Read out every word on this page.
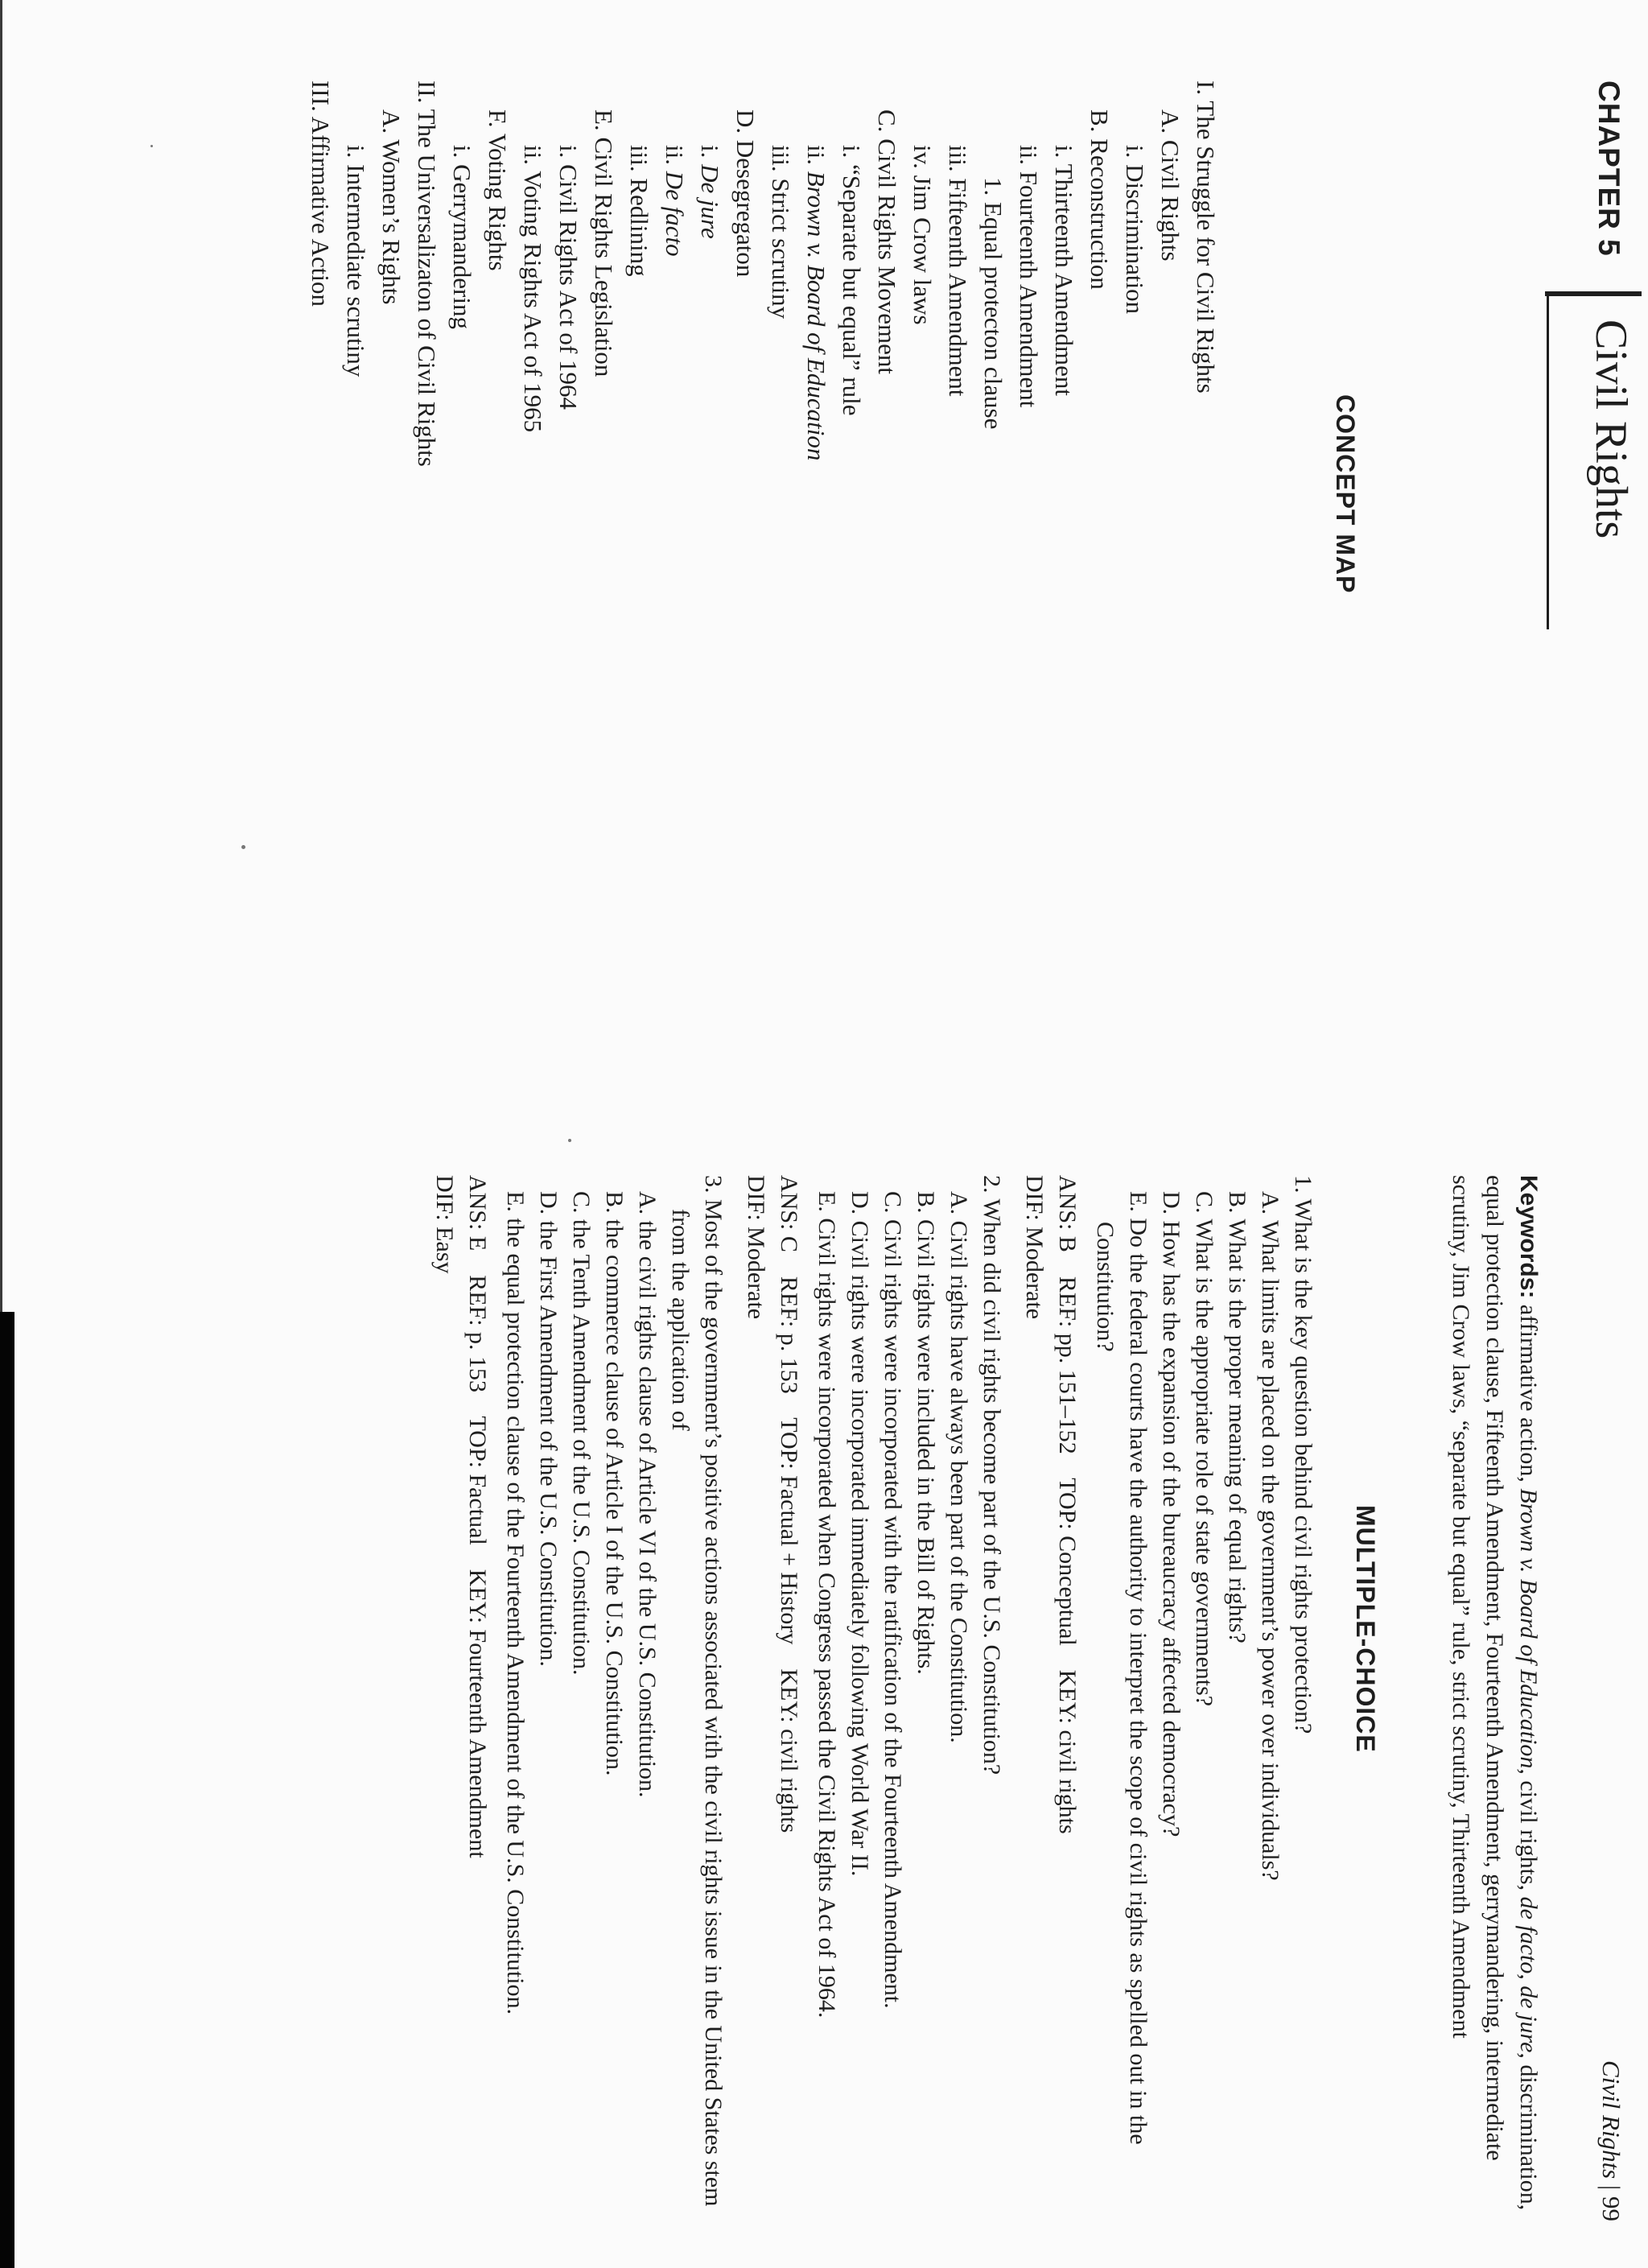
CHAPTER 5
Civil Rights
CONCEPT MAP
I. The Struggle for Civil Rights
A. Civil Rights
i. Discrimination
B. Reconstruction
i. Thirteenth Amendment
ii. Fourteenth Amendment
1. Equal protecton clause
iii. Fifteenth Amendment
iv. Jim Crow laws
C. Civil Rights Movement
i. “Separate but equal” rule
ii. Brown v. Board of Education
iii. Strict scrutiny
D. Desegregaton
i. De jure
ii. De facto
iii. Redlining
E. Civil Rights Legislation
i. Civil Rights Act of 1964
ii. Voting Rights Act of 1965
F. Voting Rights
i. Gerrymandering
II. The Universalizaton of Civil Rights
A. Women’s Rights
i. Intermediate scrutiny
III. Affirmative Action
Civil Rights | 99
Keywords: affirmative action, Brown v. Board of Education, civil rights, de facto, de jure, discrimination, equal protection clause, Fifteenth Amendment, Fourteenth Amendment, gerrymandering, intermediate scrutiny, Jim Crow laws, “separate but equal” rule, strict scrutiny, Thirteenth Amendment
MULTIPLE-CHOICE
1. What is the key question behind civil rights protection?
A. What limits are placed on the government’s power over individuals?
B. What is the proper meaning of equal rights?
C. What is the appropriate role of state governments?
D. How has the expansion of the bureaucracy affected democracy?
E. Do the federal courts have the authority to interpret the scope of civil rights as spelled out in the Constitution?
ANS: B    REF: pp. 151–152    TOP: Conceptual    KEY: civil rights
DIF: Moderate
2. When did civil rights become part of the U.S. Constitution?
A. Civil rights have always been part of the Constitution.
B. Civil rights were included in the Bill of Rights.
C. Civil rights were incorporated with the ratification of the Fourteenth Amendment.
D. Civil rights were incorporated immediately following World War II.
E. Civil rights were incorporated when Congress passed the Civil Rights Act of 1964.
ANS: C    REF: p. 153    TOP: Factual + History    KEY: civil rights
DIF: Moderate
3. Most of the government’s positive actions associated with the civil rights issue in the United States stem from the application of
A. the civil rights clause of Article VI of the U.S. Constitution.
B. the commerce clause of Article I of the U.S. Constitution.
C. the Tenth Amendment of the U.S. Constitution.
D. the First Amendment of the U.S. Constitution.
E. the equal protection clause of the Fourteenth Amendment of the U.S. Constitution.
ANS: E    REF: p. 153    TOP: Factual    KEY: Fourteenth Amendment
DIF: Easy
